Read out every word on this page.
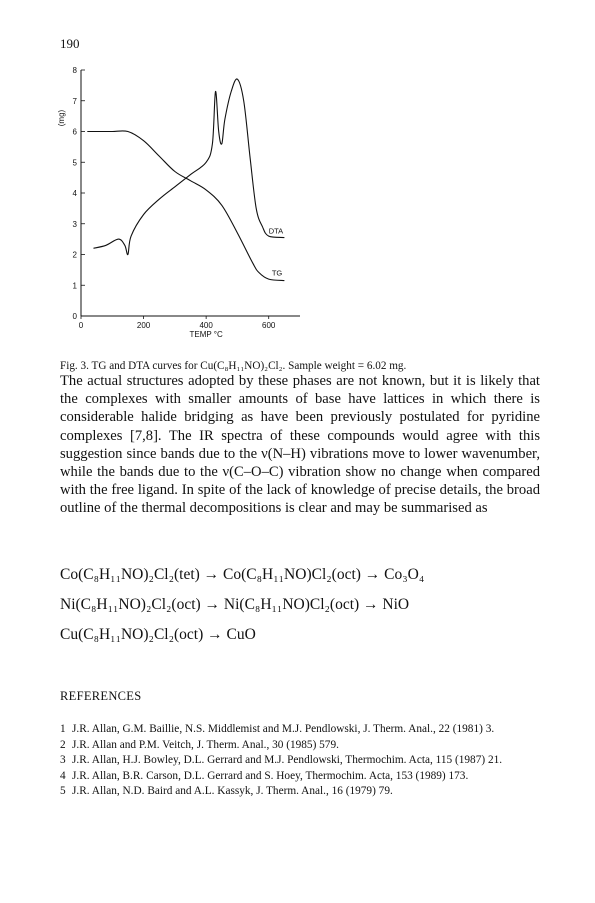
190
0
1
2
3
4
5
6
7
8
0	200	400	600
TEMP °C
(mg)
DTA
TG
Fig. 3. TG and DTA curves for Cu(C₈H₁₁NO)₂Cl₂. Sample weight = 6.02 mg.

The actual structures adopted by these phases are not known, but it is likely that the complexes with smaller amounts of base have lattices in which there is considerable halide bridging as have been previously postulated for pyridine complexes [7,8]. The IR spectra of these compounds would agree with this suggestion since bands due to the ν(N–H) vibrations move to lower wavenumber, while the bands due to the ν(C–O–C) vibration show no change when compared with the free ligand. In spite of the lack of knowledge of precise details, the broad outline of the thermal decompositions is clear and may be summarised as

Co(C₈H₁₁NO)₂Cl₂(tet) → Co(C₈H₁₁NO)Cl₂(oct) → Co₃O₄
Ni(C₈H₁₁NO)₂Cl₂(oct) → Ni(C₈H₁₁NO)Cl₂(oct) → NiO
Cu(C₈H₁₁NO)₂Cl₂(oct) → CuO
REFERENCES
1 J.R. Allan, G.M. Baillie, N.S. Middlemist and M.J. Pendlowski, J. Therm. Anal., 22 (1981) 3.
2 J.R. Allan and P.M. Veitch, J. Therm. Anal., 30 (1985) 579.
3 J.R. Allan, H.J. Bowley, D.L. Gerrard and M.J. Pendlowski, Thermochim. Acta, 115 (1987) 21.
4 J.R. Allan, B.R. Carson, D.L. Gerrard and S. Hoey, Thermochim. Acta, 153 (1989) 173.
5 J.R. Allan, N.D. Baird and A.L. Kassyk, J. Therm. Anal., 16 (1979) 79.
